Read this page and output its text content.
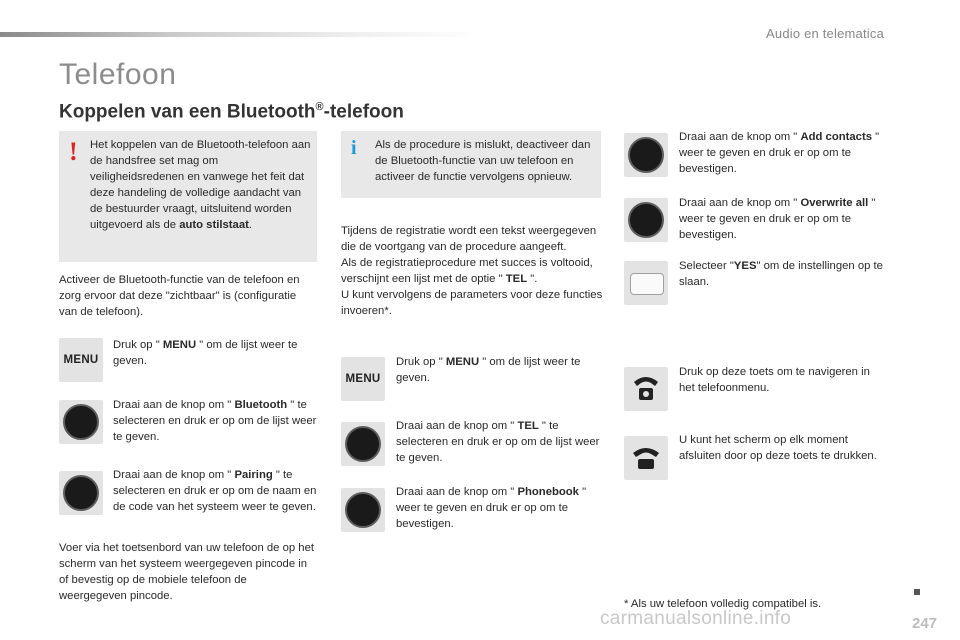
Audio en telematica
Telefoon
Koppelen van een Bluetooth®-telefoon
! Het koppelen van de Bluetooth-telefoon aan de handsfree set mag om veiligheidsredenen en vanwege het feit dat deze handeling de volledige aandacht van de bestuurder vraagt, uitsluitend worden uitgevoerd als de auto stilstaat.
Activeer de Bluetooth-functie van de telefoon en zorg ervoor dat deze "zichtbaar" is (configuratie van de telefoon).
MENU
Druk op " MENU " om de lijst weer te geven.
Draai aan de knop om " Bluetooth " te selecteren en druk er op om de lijst weer te geven.
Draai aan de knop om " Pairing " te selecteren en druk er op om de naam en de code van het systeem weer te geven.
Voer via het toetsenbord van uw telefoon de op het scherm van het systeem weergegeven pincode in of bevestig op de mobiele telefoon de weergegeven pincode.
i Als de procedure is mislukt, deactiveer dan de Bluetooth-functie van uw telefoon en activeer de functie vervolgens opnieuw.
Tijdens de registratie wordt een tekst weergegeven die de voortgang van de procedure aangeeft.
Als de registratieprocedure met succes is voltooid, verschijnt een lijst met de optie " TEL ".
U kunt vervolgens de parameters voor deze functies invoeren*.
MENU
Druk op " MENU " om de lijst weer te geven.
Draai aan de knop om " TEL " te selecteren en druk er op om de lijst weer te geven.
Draai aan de knop om " Phonebook " weer te geven en druk er op om te bevestigen.
Draai aan de knop om " Add contacts " weer te geven en druk er op om te bevestigen.
Draai aan de knop om " Overwrite all " weer te geven en druk er op om te bevestigen.
Selecteer "YES" om de instellingen op te slaan.
Druk op deze toets om te navigeren in het telefoonmenu.
U kunt het scherm op elk moment afsluiten door op deze toets te drukken.
* Als uw telefoon volledig compatibel is.
247
carmanualsonline.info
